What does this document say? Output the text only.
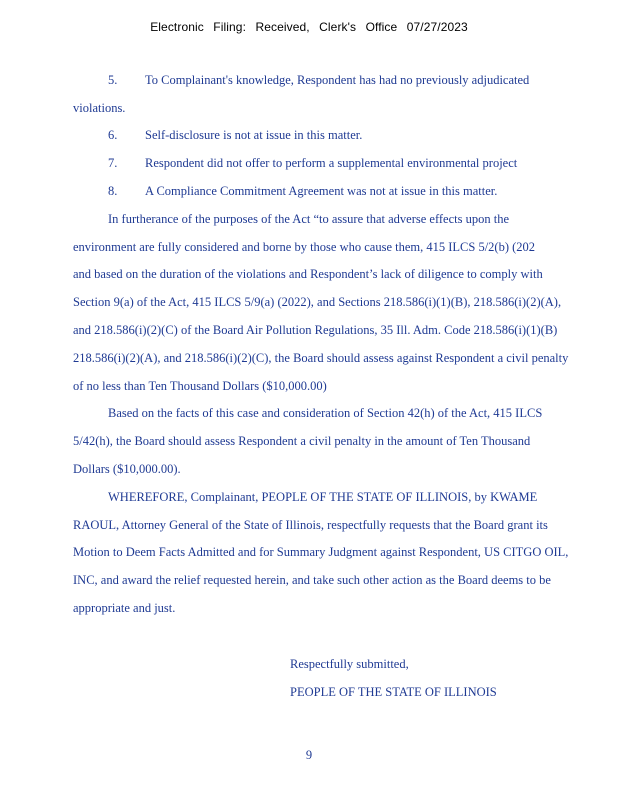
Electronic Filing: Received, Clerk's Office 07/27/2023
5. To Complainant's knowledge, Respondent has had no previously adjudicated
violations.
6. Self-disclosure is not at issue in this matter.
7. Respondent did not offer to perform a supplemental environmental project
8. A Compliance Commitment Agreement was not at issue in this matter.
In furtherance of the purposes of the Act “to assure that adverse effects upon the
environment are fully considered and borne by those who cause them, 415 ILCS 5/2(b) (202
and based on the duration of the violations and Respondent’s lack of diligence to comply with
Section 9(a) of the Act, 415 ILCS 5/9(a) (2022), and Sections 218.586(i)(1)(B), 218.586(i)(2)(A),
and 218.586(i)(2)(C) of the Board Air Pollution Regulations, 35 Ill. Adm. Code 218.586(i)(1)(B)
218.586(i)(2)(A), and 218.586(i)(2)(C), the Board should assess against Respondent a civil penalty
of no less than Ten Thousand Dollars ($10,000.00)
Based on the facts of this case and consideration of Section 42(h) of the Act, 415 ILCS
5/42(h), the Board should assess Respondent a civil penalty in the amount of Ten Thousand
Dollars ($10,000.00).
WHEREFORE, Complainant, PEOPLE OF THE STATE OF ILLINOIS, by KWAME
RAOUL, Attorney General of the State of Illinois, respectfully requests that the Board grant its
Motion to Deem Facts Admitted and for Summary Judgment against Respondent, US CITGO OIL,
INC, and award the relief requested herein, and take such other action as the Board deems to be
appropriate and just.
Respectfully submitted,
PEOPLE OF THE STATE OF ILLINOIS
9
